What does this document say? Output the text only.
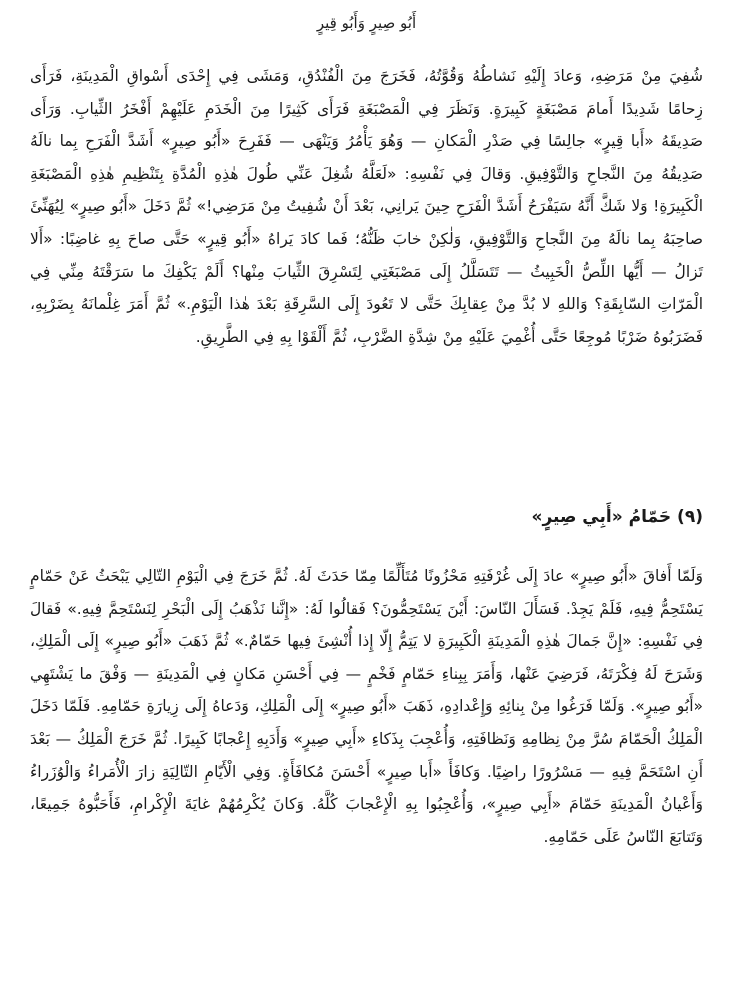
أَبُو صِيرٍ وَأَبُو قِيرٍ

شُفِيَ مِنْ مَرَضِهِ، وَعادَ إِلَيْهِ نَشاطُهُ وَقُوَّتُهُ، فَخَرَجَ مِنَ الْفُنْدُقِ، وَمَشَى فِي إِحْدَى أَسْواقِ الْمَدِينَةِ، فَرَأَى زِحامًا شَدِيدًا أَمامَ مَصْبَغَةٍ كَبِيرَةٍ. وَنَظَرَ فِي الْمَصْبَغَةِ فَرَأَى كَثِيرًا مِنَ الْخَدَمِ عَلَيْهِمْ أَفْخَرُ الثِّيابِ. وَرَأَى صَدِيقَهُ «أَبا قِيرٍ» جالِسًا فِي صَدْرِ الْمَكانِ — وَهُوَ يَأْمُرُ وَيَنْهَى — فَفَرِحَ «أَبُو صِيرٍ» أَشَدَّ الْفَرَحِ بِما نالَهُ صَدِيقُهُ مِنَ النَّجاحِ وَالتَّوْفِيقِ. وَقالَ فِي نَفْسِهِ: «لَعَلَّهُ شُغِلَ عَنِّي طُولَ هٰذِهِ الْمُدَّةِ بِتَنْظِيمِ هٰذِهِ الْمَصْبَغَةِ الْكَبِيرَةِ! وَلا شَكَّ أَنَّهُ سَيَفْرَحُ أَشَدَّ الْفَرَحِ حِينَ يَرانِي، بَعْدَ أَنْ شُفِيتُ مِنْ مَرَضِي!» ثُمَّ دَخَلَ «أَبُو صِيرٍ» لِيُهَنِّئَ صاحِبَهُ بِما نالَهُ مِنَ النَّجاحِ وَالتَّوْفِيقِ، وَلٰكِنْ خابَ ظَنُّهُ؛ فَما كادَ يَراهُ «أَبُو قِيرٍ» حَتَّى صاحَ بِهِ غاضِبًا: «أَلا تَزالُ — أَيُّها اللِّصُّ الْخَبِيثُ — تَتَسَلَّلُ إِلَى مَصْبَغَتِي لِتَسْرِقَ الثِّيابَ مِنْها؟ أَلَمْ يَكْفِكَ ما سَرَقْتَهُ مِنِّي فِي الْمَرّاتِ السّابِقَةِ؟ وَاللهِ لا بُدَّ مِنْ عِقابِكَ حَتَّى لا تَعُودَ إِلَى السَّرِقَةِ بَعْدَ هٰذا الْيَوْمِ.» ثُمَّ أَمَرَ غِلْمانَهُ بِضَرْبِهِ، فَضَرَبُوهُ ضَرْبًا مُوجِعًا حَتَّى أُغْمِيَ عَلَيْهِ مِنْ شِدَّةِ الضَّرْبِ، ثُمَّ أَلْقَوْا بِهِ فِي الطَّرِيقِ.

(٩) حَمّامُ «أَبِي صِيرٍ»

وَلَمّا أَفاقَ «أَبُو صِيرٍ» عادَ إِلَى غُرْفَتِهِ مَحْزُونًا مُتَأَلِّمًا مِمّا حَدَثَ لَهُ. ثُمَّ خَرَجَ فِي الْيَوْمِ التّالِي يَبْحَثُ عَنْ حَمّامٍ يَسْتَحِمُّ فِيهِ، فَلَمْ يَجِدْ. فَسَأَلَ النّاسَ: أَيْنَ يَسْتَحِمُّونَ؟ فَقالُوا لَهُ: «إِنَّنا نَذْهَبُ إِلَى الْبَحْرِ لِنَسْتَحِمَّ فِيهِ.» فَقالَ فِي نَفْسِهِ: «إِنَّ جَمالَ هٰذِهِ الْمَدِينَةِ الْكَبِيرَةِ لا يَتِمُّ إِلّا إِذا أُنْشِئَ فِيها حَمّامٌ.» ثُمَّ ذَهَبَ «أَبُو صِيرٍ» إِلَى الْمَلِكِ، وَشَرَحَ لَهُ فِكْرَتَهُ، فَرَضِيَ عَنْها، وَأَمَرَ بِبِناءِ حَمّامٍ فَخْمٍ — فِي أَحْسَنِ مَكانٍ فِي الْمَدِينَةِ — وَفْقَ ما يَشْتَهِي «أَبُو صِيرٍ». وَلَمّا فَرَغُوا مِنْ بِنائِهِ وَإِعْدادِهِ، ذَهَبَ «أَبُو صِيرٍ» إِلَى الْمَلِكِ، وَدَعاهُ إِلَى زِيارَةِ حَمّامِهِ. فَلَمّا دَخَلَ الْمَلِكُ الْحَمّامَ سُرَّ مِنْ نِظامِهِ وَنَظافَتِهِ، وَأُعْجِبَ بِذَكاءِ «أَبِي صِيرٍ» وَأَدَبِهِ إِعْجابًا كَبِيرًا. ثُمَّ خَرَجَ الْمَلِكُ — بَعْدَ أَنِ اسْتَحَمَّ فِيهِ — مَسْرُورًا راضِيًا. وَكافَأَ «أَبا صِيرٍ» أَحْسَنَ مُكافَأَةٍ. وَفِي الْأَيّامِ التّالِيَةِ زارَ الْأُمَراءُ وَالْوُزَراءُ وَأَعْيانُ الْمَدِينَةِ حَمّامَ «أَبِي صِيرٍ»، وَأُعْجِبُوا بِهِ الْإِعْجابَ كُلَّهُ. وَكانَ يُكْرِمُهُمْ غايَةَ الْإِكْرامِ، فَأَحَبُّوهُ جَمِيعًا، وَتَتابَعَ النّاسُ عَلَى حَمّامِهِ.
